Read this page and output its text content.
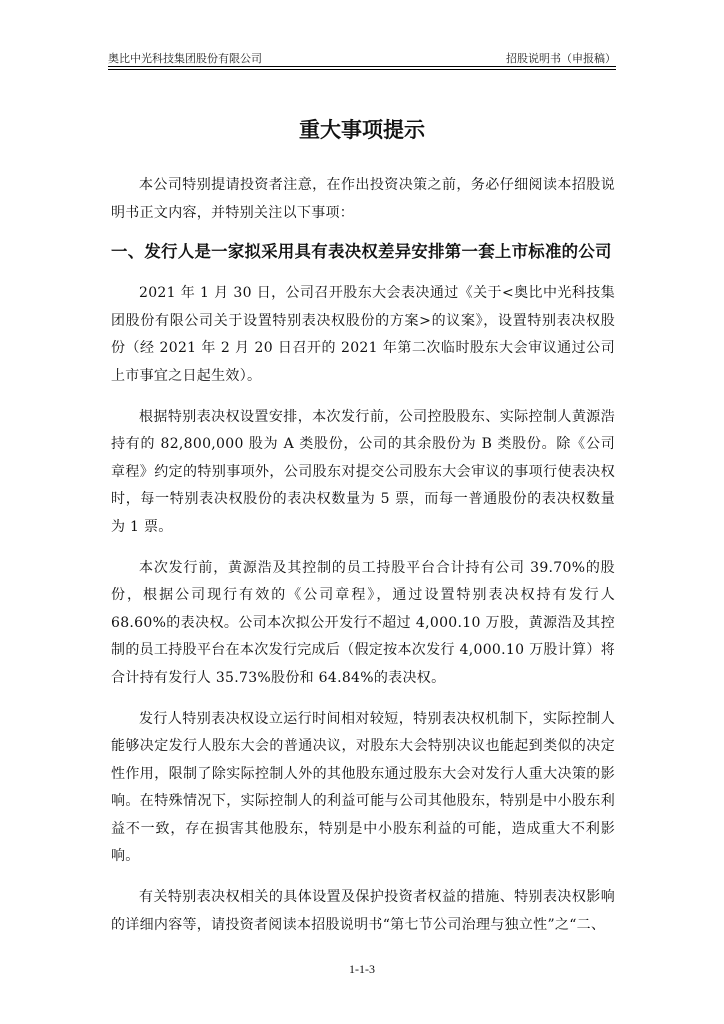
奥比中光科技集团股份有限公司	招股说明书（申报稿）
重大事项提示

本公司特别提请投资者注意，在作出投资决策之前，务必仔细阅读本招股说明书正文内容，并特别关注以下事项：

一、发行人是一家拟采用具有表决权差异安排第一套上市标准的公司

2021 年 1 月 30 日，公司召开股东大会表决通过《关于<奥比中光科技集团股份有限公司关于设置特别表决权股份的方案>的议案》，设置特别表决权股份（经 2021 年 2 月 20 日召开的 2021 年第二次临时股东大会审议通过公司上市事宜之日起生效）。

根据特别表决权设置安排，本次发行前，公司控股股东、实际控制人黄源浩持有的 82,800,000 股为 A 类股份，公司的其余股份为 B 类股份。除《公司章程》约定的特别事项外，公司股东对提交公司股东大会审议的事项行使表决权时，每一特别表决权股份的表决权数量为 5 票，而每一普通股份的表决权数量为 1 票。

本次发行前，黄源浩及其控制的员工持股平台合计持有公司 39.70%的股份，根据公司现行有效的《公司章程》，通过设置特别表决权持有发行人 68.60%的表决权。公司本次拟公开发行不超过 4,000.10 万股，黄源浩及其控制的员工持股平台在本次发行完成后（假定按本次发行 4,000.10 万股计算）将合计持有发行人 35.73%股份和 64.84%的表决权。

发行人特别表决权设立运行时间相对较短，特别表决权机制下，实际控制人能够决定发行人股东大会的普通决议，对股东大会特别决议也能起到类似的决定性作用，限制了除实际控制人外的其他股东通过股东大会对发行人重大决策的影响。在特殊情况下，实际控制人的利益可能与公司其他股东，特别是中小股东利益不一致，存在损害其他股东，特别是中小股东利益的可能，造成重大不利影响。

有关特别表决权相关的具体设置及保护投资者权益的措施、特别表决权影响的详细内容等，请投资者阅读本招股说明书“第七节公司治理与独立性”之“二、

1-1-3
